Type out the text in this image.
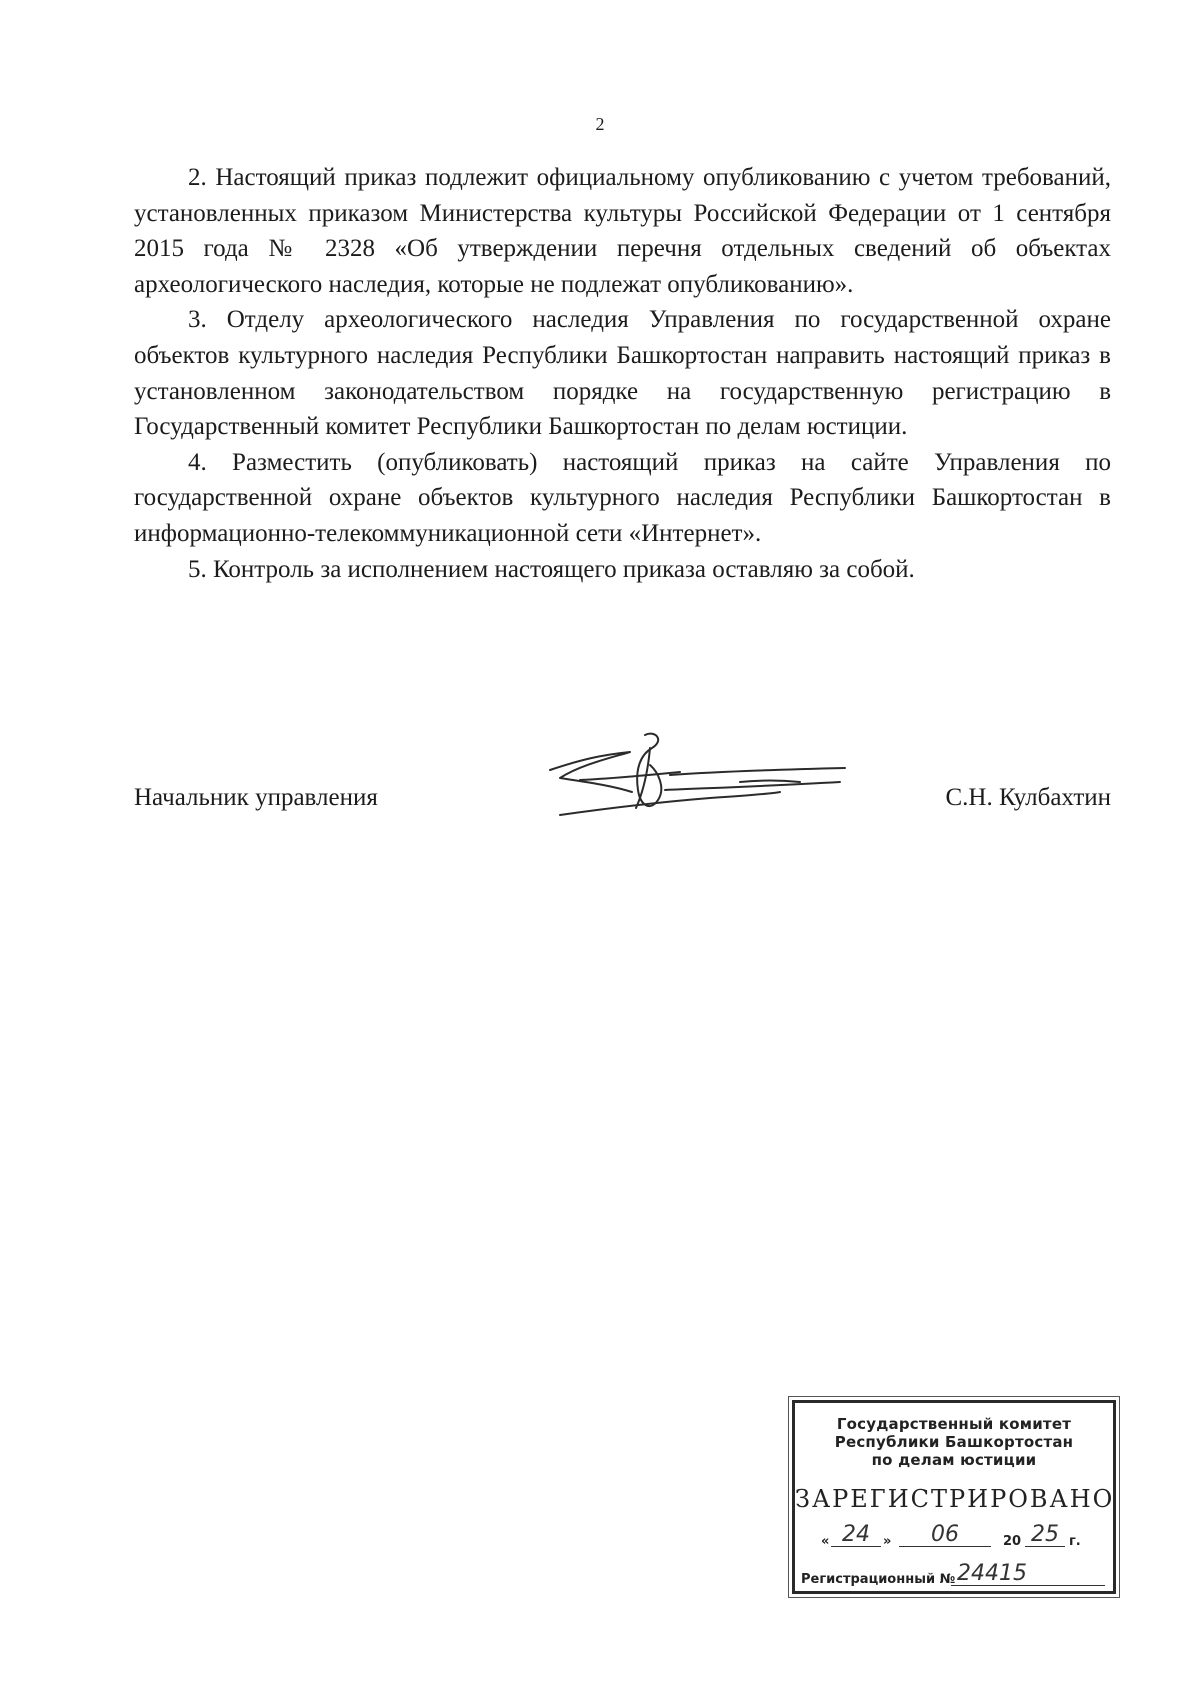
2

2. Настоящий приказ подлежит официальному опубликованию с учетом требований, установленных приказом Министерства культуры Российской Федерации от 1 сентября 2015 года № 2328 «Об утверждении перечня отдельных сведений об объектах археологического наследия, которые не подлежат опубликованию».

3. Отделу археологического наследия Управления по государственной охране объектов культурного наследия Республики Башкортостан направить настоящий приказ в установленном законодательством порядке на государственную регистрацию в Государственный комитет Республики Башкортостан по делам юстиции.

4. Разместить (опубликовать) настоящий приказ на сайте Управления по государственной охране объектов культурного наследия Республики Башкортостан в информационно-телекоммуникационной сети «Интернет».

5. Контроль за исполнением настоящего приказа оставляю за собой.

Начальник управления	С.Н. Кулбахтин
Государственный комитет
Республики Башкортостан
по делам юстиции
ЗАРЕГИСТРИРОВАНО
« 24	»	06	20 25 г.
Регистрационный № 24415
